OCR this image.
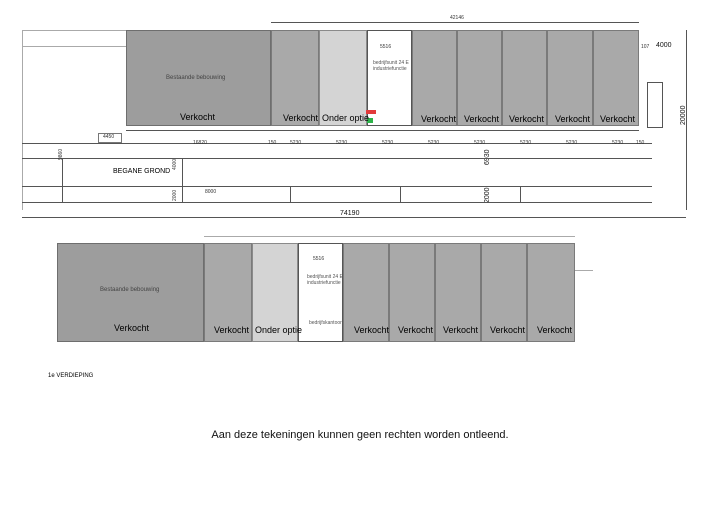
Bestaande bebouwing
bedrijfsunit 24 E industriefunctie
5516
Verkocht	Verkocht Onder optie	Verkocht Verkocht Verkocht Verkocht Verkocht
42146
4000
20000
6930
2000
107
16820	150	5230	5230	5230	5230	5230	5230	5230	5230	150
4450
BEGANE GROND
9860
4000
2000	8000
74190
Bestaande bebouwing
bedrijfsunit 24 E industriefunctie
bedrijfskantoor
5516
Verkocht	Verkocht Onder optie	Verkocht Verkocht Verkocht Verkocht Verkocht
1e VERDIEPING
Aan deze tekeningen kunnen geen rechten worden ontleend.
